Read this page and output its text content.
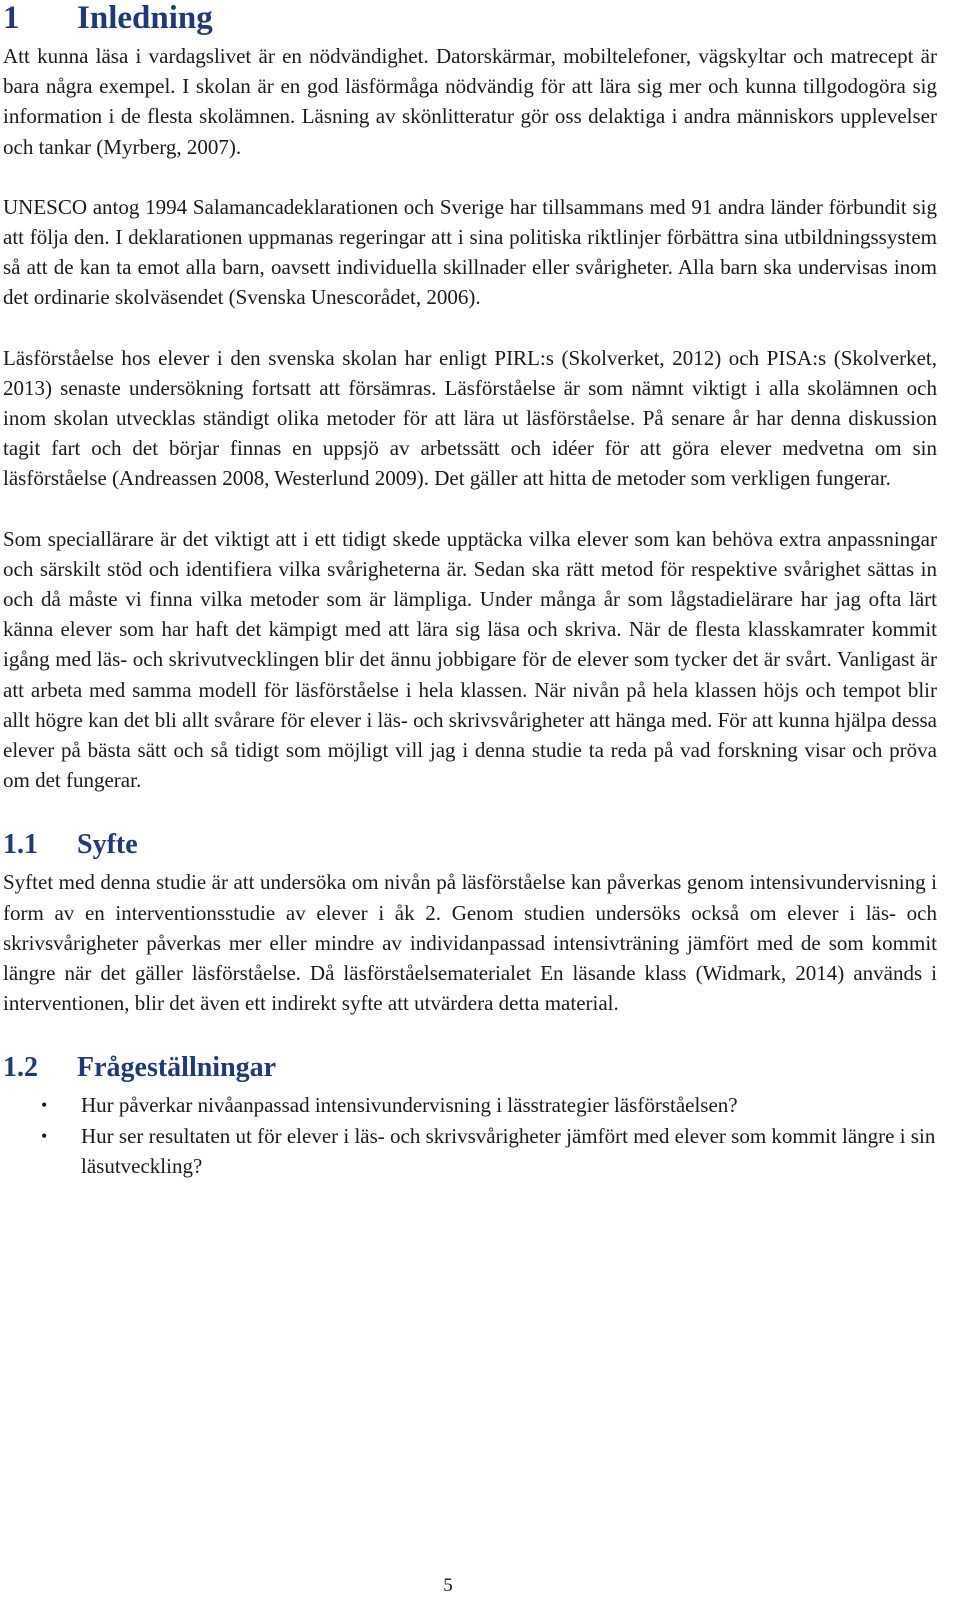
1	Inledning

Att kunna läsa i vardagslivet är en nödvändighet. Datorskärmar, mobiltelefoner, vägskyltar och matrecept är bara några exempel. I skolan är en god läsförmåga nödvändig för att lära sig mer och kunna tillgodogöra sig information i de flesta skolämnen. Läsning av skönlitteratur gör oss delaktiga i andra människors upplevelser och tankar (Myrberg, 2007).

UNESCO antog 1994 Salamancadeklarationen och Sverige har tillsammans med 91 andra länder förbundit sig att följa den. I deklarationen uppmanas regeringar att i sina politiska riktlinjer förbättra sina utbildningssystem så att de kan ta emot alla barn, oavsett individuella skillnader eller svårigheter. Alla barn ska undervisas inom det ordinarie skolväsendet (Svenska Unescorådet, 2006).

Läsförståelse hos elever i den svenska skolan har enligt PIRL:s (Skolverket, 2012) och PISA:s (Skolverket, 2013) senaste undersökning fortsatt att försämras. Läsförståelse är som nämnt viktigt i alla skolämnen och inom skolan utvecklas ständigt olika metoder för att lära ut läsförståelse. På senare år har denna diskussion tagit fart och det börjar finnas en uppsjö av arbetssätt och idéer för att göra elever medvetna om sin läsförståelse (Andreassen 2008, Westerlund 2009). Det gäller att hitta de metoder som verkligen fungerar.

Som speciallärare är det viktigt att i ett tidigt skede upptäcka vilka elever som kan behöva extra anpassningar och särskilt stöd och identifiera vilka svårigheterna är. Sedan ska rätt metod för respektive svårighet sättas in och då måste vi finna vilka metoder som är lämpliga. Under många år som lågstadielärare har jag ofta lärt känna elever som har haft det kämpigt med att lära sig läsa och skriva. När de flesta klasskamrater kommit igång med läs- och skrivutvecklingen blir det ännu jobbigare för de elever som tycker det är svårt. Vanligast är att arbeta med samma modell för läsförståelse i hela klassen. När nivån på hela klassen höjs och tempot blir allt högre kan det bli allt svårare för elever i läs- och skrivsvårigheter att hänga med. För att kunna hjälpa dessa elever på bästa sätt och så tidigt som möjligt vill jag i denna studie ta reda på vad forskning visar och pröva om det fungerar.

1.1	Syfte

Syftet med denna studie är att undersöka om nivån på läsförståelse kan påverkas genom intensivundervisning i form av en interventionsstudie av elever i åk 2. Genom studien undersöks också om elever i läs- och skrivsvårigheter påverkas mer eller mindre av individanpassad intensivträning jämfört med de som kommit längre när det gäller läsförståelse. Då läsförståelsematerialet En läsande klass (Widmark, 2014) används i interventionen, blir det även ett indirekt syfte att utvärdera detta material.

1.2	Frågeställningar
• Hur påverkar nivåanpassad intensivundervisning i lässtrategier läsförståelsen?
• Hur ser resultaten ut för elever i läs- och skrivsvårigheter jämfört med elever som kommit längre i sin läsutveckling?
5
